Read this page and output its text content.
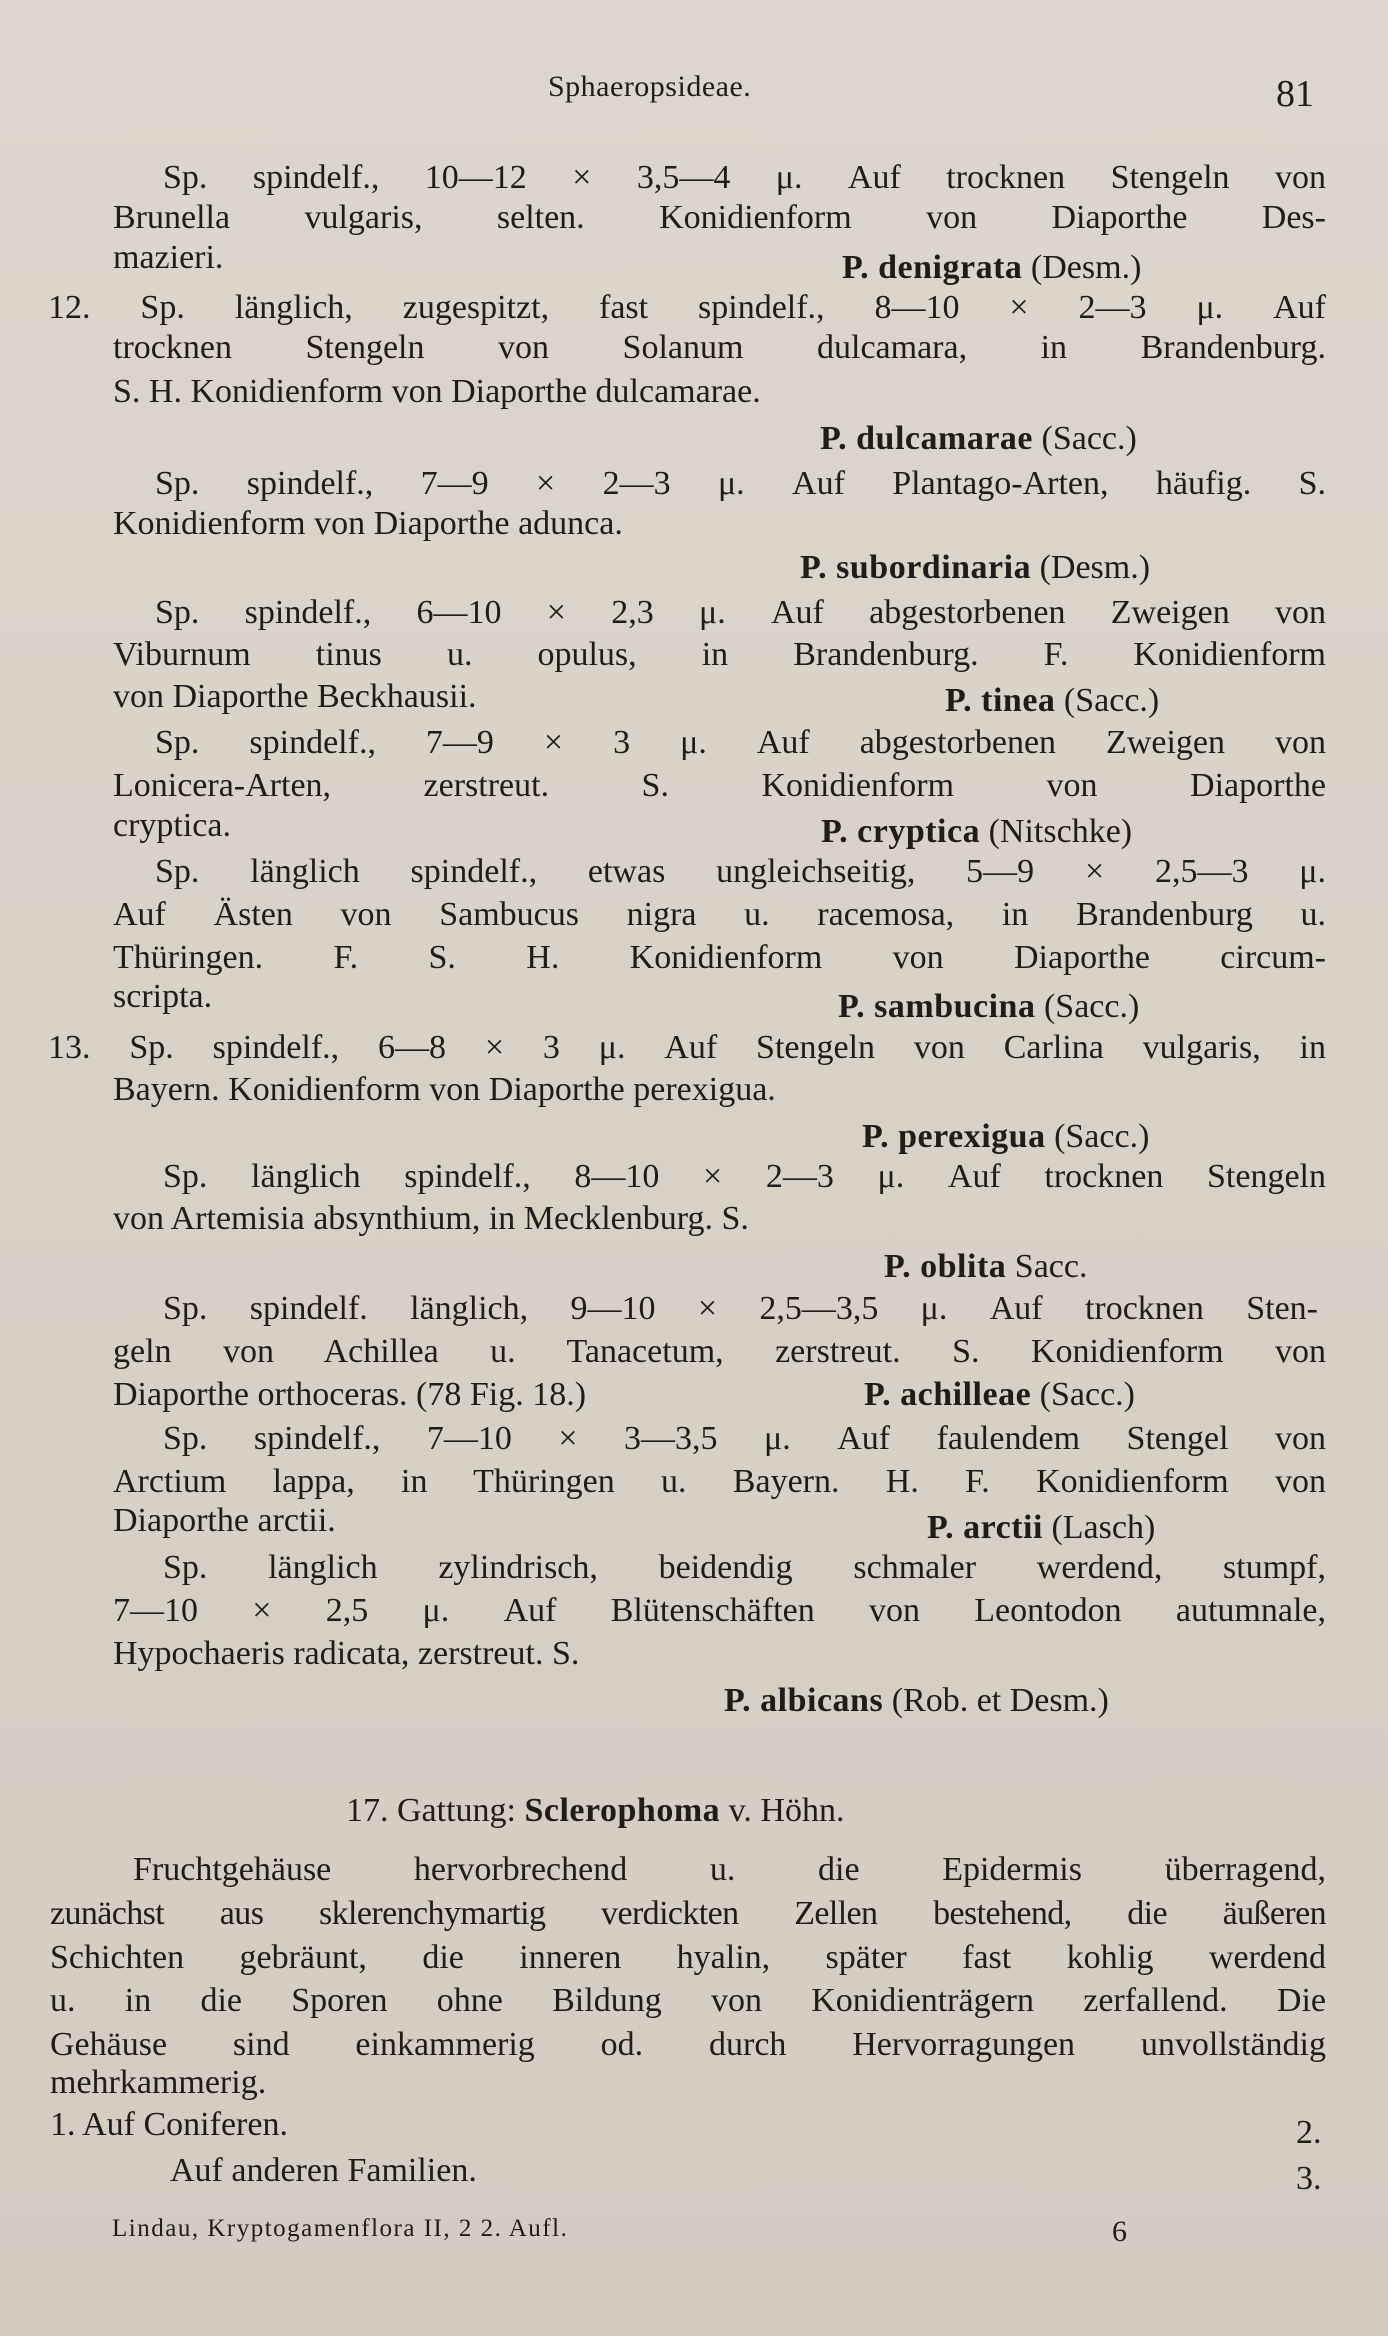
Sphaeropsideae.	81
Sp. spindelf., 10—12 × 3,5—4 μ. Auf trocknen Stengeln von
Brunella vulgaris, selten. Konidienform von Diaporthe Des-
mazieri.	P. denigrata (Desm.)
12. Sp. länglich, zugespitzt, fast spindelf., 8—10 × 2—3 μ. Auf
trocknen Stengeln von Solanum dulcamara, in Brandenburg.
S. H. Konidienform von Diaporthe dulcamarae.
P. dulcamarae (Sacc.)
Sp. spindelf., 7—9 × 2—3 μ. Auf Plantago-Arten, häufig. S.
Konidienform von Diaporthe adunca.
P. subordinaria (Desm.)
Sp. spindelf., 6—10 × 2,3 μ. Auf abgestorbenen Zweigen von
Viburnum tinus u. opulus, in Brandenburg. F. Konidienform
von Diaporthe Beckhausii.	P. tinea (Sacc.)
Sp. spindelf., 7—9 × 3 μ. Auf abgestorbenen Zweigen von
Lonicera-Arten, zerstreut. S. Konidienform von Diaporthe
cryptica.	P. cryptica (Nitschke)
Sp. länglich spindelf., etwas ungleichseitig, 5—9 × 2,5—3 μ.
Auf Ästen von Sambucus nigra u. racemosa, in Brandenburg u.
Thüringen. F. S. H. Konidienform von Diaporthe circum-
scripta.	P. sambucina (Sacc.)
13. Sp. spindelf., 6—8 × 3 μ. Auf Stengeln von Carlina vulgaris, in
Bayern. Konidienform von Diaporthe perexigua.
P. perexigua (Sacc.)
Sp. länglich spindelf., 8—10 × 2—3 μ. Auf trocknen Stengeln
von Artemisia absynthium, in Mecklenburg. S.
P. oblita Sacc.
Sp. spindelf. länglich, 9—10 × 2,5—3,5 μ. Auf trocknen Sten-
geln von Achillea u. Tanacetum, zerstreut. S. Konidienform von
Diaporthe orthoceras. (78 Fig. 18.)	P. achilleae (Sacc.)
Sp. spindelf., 7—10 × 3—3,5 μ. Auf faulendem Stengel von
Arctium lappa, in Thüringen u. Bayern. H. F. Konidienform von
Diaporthe arctii.	P. arctii (Lasch)
Sp. länglich zylindrisch, beidendig schmaler werdend, stumpf,
7—10 × 2,5 μ. Auf Blütenschäften von Leontodon autumnale,
Hypochaeris radicata, zerstreut. S.
P. albicans (Rob. et Desm.)
17. Gattung: Sclerophoma v. Höhn.
Fruchtgehäuse hervorbrechend u. die Epidermis überragend,
zunächst aus sklerenchymartig verdickten Zellen bestehend, die äußeren
Schichten gebräunt, die inneren hyalin, später fast kohlig werdend
u. in die Sporen ohne Bildung von Konidienträgern zerfallend. Die
Gehäuse sind einkammerig od. durch Hervorragungen unvollständig
mehrkammerig.
1. Auf Coniferen.	2.
Auf anderen Familien.	3.
Lindau, Kryptogamenflora II, 2 2. Aufl.	6
